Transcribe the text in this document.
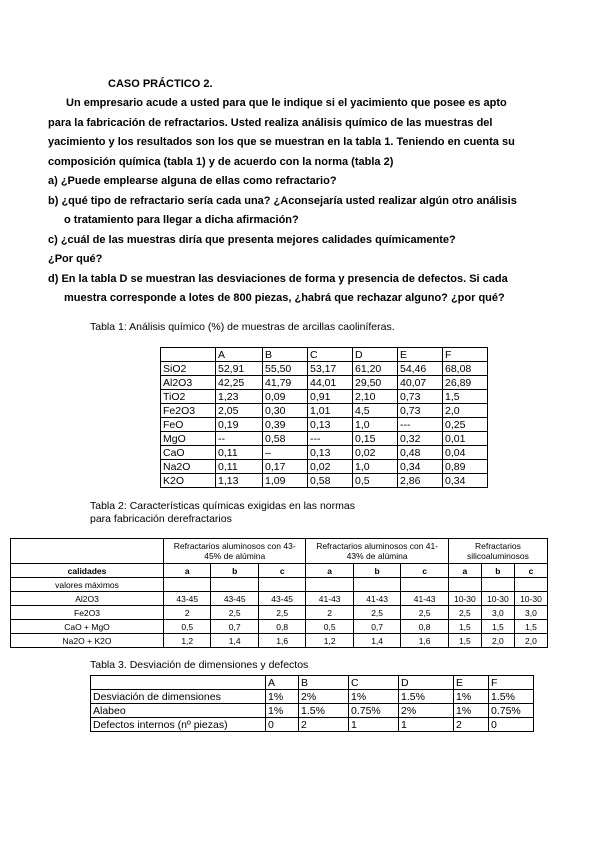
CASO PRÁCTICO 2.

Un empresario acude a usted para que le indique si el yacimiento que posee es apto para la fabricación de refractarios. Usted realiza análisis químico de las muestras del yacimiento y los resultados son los que se muestran en la tabla 1. Teniendo en cuenta su composición química (tabla 1) y de acuerdo con la norma (tabla 2)

a) ¿Puede emplearse alguna de ellas como refractario?

b) ¿qué tipo de refractario sería cada una? ¿Aconsejaría usted realizar algún otro análisis o tratamiento para llegar a dicha afirmación?

c) ¿cuál de las muestras diría que presenta mejores calidades químicamente?

¿Por qué?

d) En la tabla D se muestran las desviaciones de forma y presencia de defectos. Si cada muestra corresponde a lotes de 800 piezas, ¿habrá que rechazar alguno? ¿por qué?

Tabla 1: Análisis químico (%) de muestras de arcillas caoliníferas.
	A	B	C	D	E	F
SiO2	52,91	55,50	53,17	61,20	54,46	68,08
Al2O3	42,25	41,79	44,01	29,50	40,07	26,89
TiO2	1,23	0,09	0,91	2,10	0,73	1,5
Fe2O3	2,05	0,30	1,01	4,5	0,73	2,0
FeO	0,19	0,39	0,13	1,0	---	0,25
MgO	--	0,58	---	0,15	0,32	0,01
CaO	0,11	–	0,13	0,02	0,48	0,04
Na2O	0,11	0,17	0,02	1,0	0,34	0,89
K2O	1,13	1,09	0,58	0,5	2,86	0,34
Tabla 2: Características químicas exigidas en las normas
para fabricación derefractarios
	Refractarios aluminosos con 43-45% de alúmina			Refractarios aluminosos con 41-43% de alúmina			Refractarios silicoaluminosos		
calidades	a	b	c	a	b	c	a	b	c
valores máximos									
Al2O3	43-45	43-45	43-45	41-43	41-43	41-43	10-30	10-30	10-30
Fe2O3	2	2,5	2,5	2	2,5	2,5	2,5	3,0	3,0
CaO + MgO	0,5	0,7	0,8	0,5	0,7	0,8	1,5	1,5	1,5
Na2O + K2O	1,2	1,4	1,6	1,2	1,4	1,6	1,5	2,0	2,0
Tabla 3. Desviación de dimensiones y defectos
	A	B	C	D	E	F
Desviación de dimensiones	1%	2%	1%	1.5%	1%	1.5%
Alabeo	1%	1.5%	0.75%	2%	1%	0.75%
Defectos internos (nº piezas)	0	2	1	1	2	0
